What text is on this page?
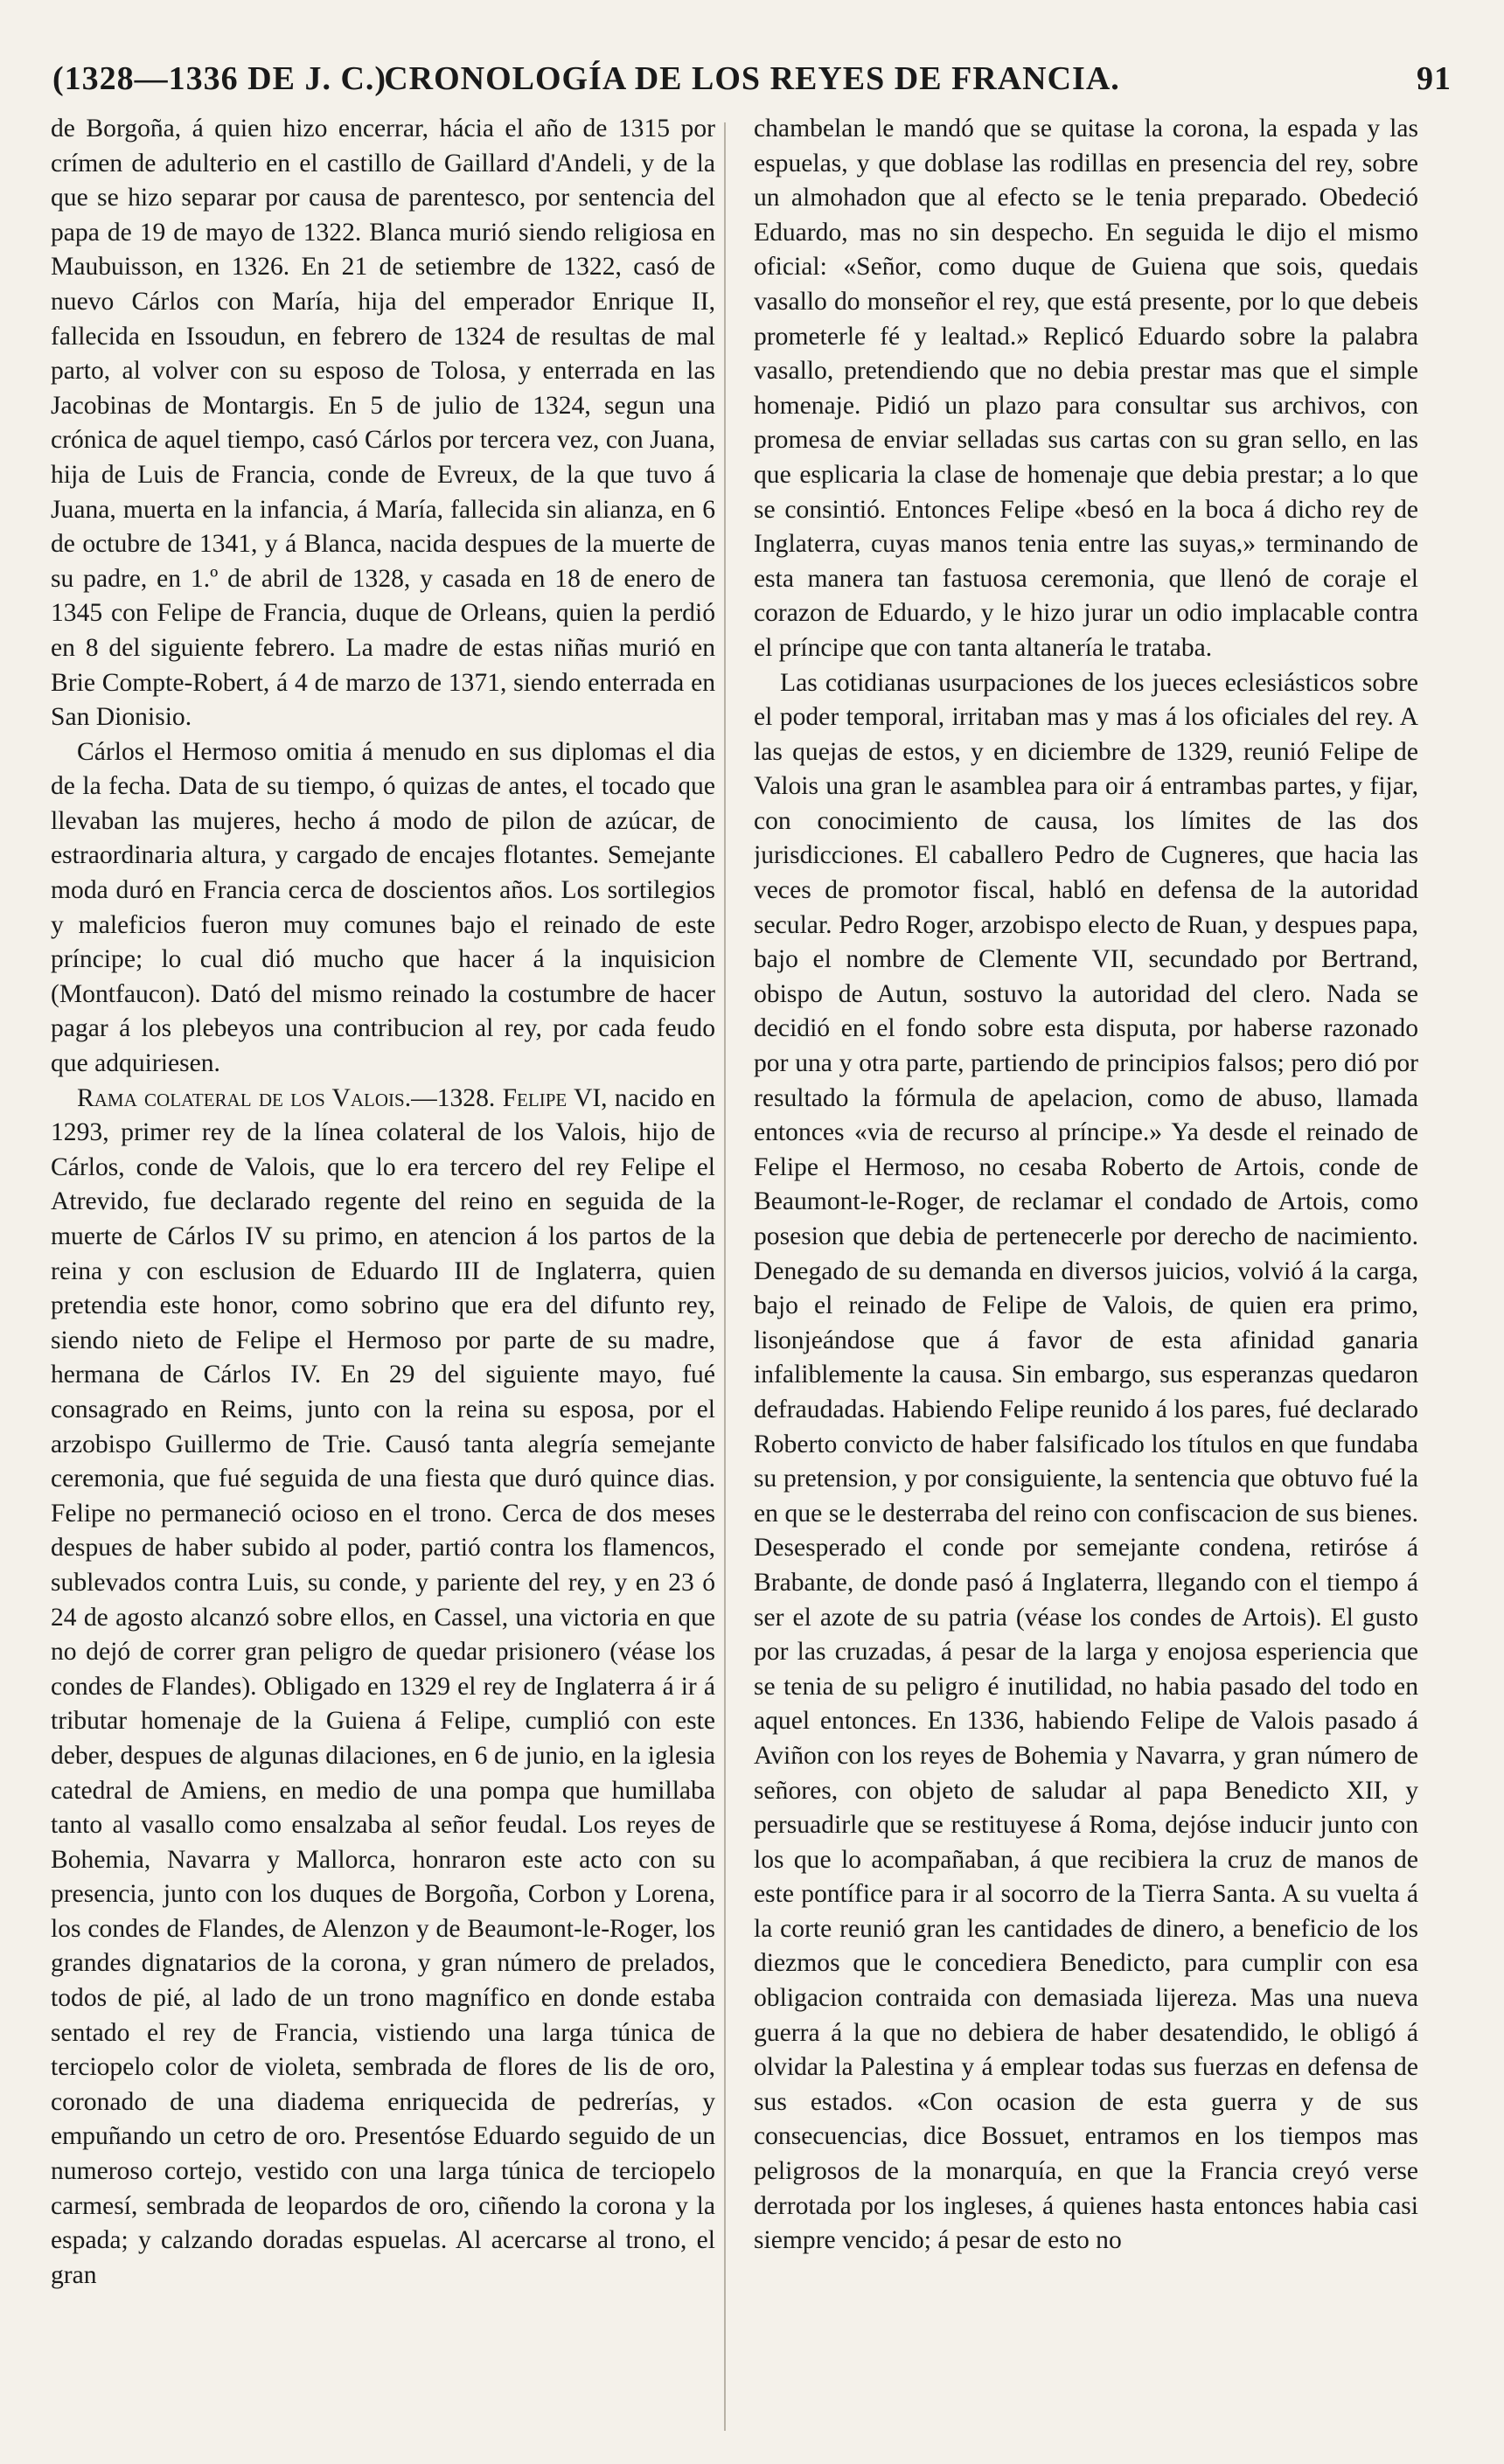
(1328—1336 DE J. C.)
CRONOLOGÍA DE LOS REYES DE FRANCIA.	91

de Borgoña, á quien hizo encerrar, hácia el año de 1315 por crímen de adulterio en el castillo de Gaillard d'Andeli, y de la que se hizo separar por causa de parentesco, por sentencia del papa de 19 de mayo de 1322. Blanca murió siendo religiosa en Maubuisson, en 1326. En 21 de setiembre de 1322, casó de nuevo Cárlos con María, hija del emperador Enrique II, fallecida en Issoudun, en febrero de 1324 de resultas de mal parto, al volver con su esposo de Tolosa, y enterrada en las Jacobinas de Montargis. En 5 de julio de 1324, segun una crónica de aquel tiempo, casó Cárlos por tercera vez, con Juana, hija de Luis de Francia, conde de Evreux, de la que tuvo á Juana, muerta en la infancia, á María, fallecida sin alianza, en 6 de octubre de 1341, y á Blanca, nacida despues de la muerte de su padre, en 1.º de abril de 1328, y casada en 18 de enero de 1345 con Felipe de Francia, duque de Orleans, quien la perdió en 8 del siguiente febrero. La madre de estas niñas murió en Brie Compte-Robert, á 4 de marzo de 1371, siendo enterrada en San Dionisio.

Cárlos el Hermoso omitia á menudo en sus diplomas el dia de la fecha. Data de su tiempo, ó quizas de antes, el tocado que llevaban las mujeres, hecho á modo de pilon de azúcar, de estraordinaria altura, y cargado de encajes flotantes. Semejante moda duró en Francia cerca de doscientos años. Los sortilegios y maleficios fueron muy comunes bajo el reinado de este príncipe; lo cual dió mucho que hacer á la inquisicion (Montfaucon). Dató del mismo reinado la costumbre de hacer pagar á los plebeyos una contribucion al rey, por cada feudo que adquiriesen.

Rama colateral de los Valois.—1328. Felipe VI, nacido en 1293, primer rey de la línea colateral de los Valois, hijo de Cárlos, conde de Valois, que lo era tercero del rey Felipe el Atrevido, fue declarado regente del reino en seguida de la muerte de Cárlos IV su primo, en atencion á los partos de la reina y con esclusion de Eduardo III de Inglaterra, quien pretendia este honor, como sobrino que era del difunto rey, siendo nieto de Felipe el Hermoso por parte de su madre, hermana de Cárlos IV. En 29 del siguiente mayo, fué consagrado en Reims, junto con la reina su esposa, por el arzobispo Guillermo de Trie. Causó tanta alegría semejante ceremonia, que fué seguida de una fiesta que duró quince dias. Felipe no permaneció ocioso en el trono. Cerca de dos meses despues de haber subido al poder, partió contra los flamencos, sublevados contra Luis, su conde, y pariente del rey, y en 23 ó 24 de agosto alcanzó sobre ellos, en Cassel, una victoria en que no dejó de correr gran peligro de quedar prisionero (véase los condes de Flandes). Obligado en 1329 el rey de Inglaterra á ir á tributar homenaje de la Guiena á Felipe, cumplió con este deber, despues de algunas dilaciones, en 6 de junio, en la iglesia catedral de Amiens, en medio de una pompa que humillaba tanto al vasallo como ensalzaba al señor feudal. Los reyes de Bohemia, Navarra y Mallorca, honraron este acto con su presencia, junto con los duques de Borgoña, Corbon y Lorena, los condes de Flandes, de Alenzon y de Beaumont-le-Roger, los grandes dignatarios de la corona, y gran número de prelados, todos de pié, al lado de un trono magnífico en donde estaba sentado el rey de Francia, vistiendo una larga túnica de terciopelo color de violeta, sembrada de flores de lis de oro, coronado de una diadema enriquecida de pedrerías, y empuñando un cetro de oro. Presentóse Eduardo seguido de un numeroso cortejo, vestido con una larga túnica de terciopelo carmesí, sembrada de leopardos de oro, ciñendo la corona y la espada; y calzando doradas espuelas. Al acercarse al trono, el gran

chambelan le mandó que se quitase la corona, la espada y las espuelas, y que doblase las rodillas en presencia del rey, sobre un almohadon que al efecto se le tenia preparado. Obedeció Eduardo, mas no sin despecho. En seguida le dijo el mismo oficial: «Señor, como duque de Guiena que sois, quedais vasallo do monseñor el rey, que está presente, por lo que debeis prometerle fé y lealtad.» Replicó Eduardo sobre la palabra vasallo, pretendiendo que no debia prestar mas que el simple homenaje. Pidió un plazo para consultar sus archivos, con promesa de enviar selladas sus cartas con su gran sello, en las que esplicaria la clase de homenaje que debia prestar; a lo que se consintió. Entonces Felipe «besó en la boca á dicho rey de Inglaterra, cuyas manos tenia entre las suyas,» terminando de esta manera tan fastuosa ceremonia, que llenó de coraje el corazon de Eduardo, y le hizo jurar un odio implacable contra el príncipe que con tanta altanería le trataba.

Las cotidianas usurpaciones de los jueces eclesiásticos sobre el poder temporal, irritaban mas y mas á los oficiales del rey. A las quejas de estos, y en diciembre de 1329, reunió Felipe de Valois una gran le asamblea para oir á entrambas partes, y fijar, con conocimiento de causa, los límites de las dos jurisdicciones. El caballero Pedro de Cugneres, que hacia las veces de promotor fiscal, habló en defensa de la autoridad secular. Pedro Roger, arzobispo electo de Ruan, y despues papa, bajo el nombre de Clemente VII, secundado por Bertrand, obispo de Autun, sostuvo la autoridad del clero. Nada se decidió en el fondo sobre esta disputa, por haberse razonado por una y otra parte, partiendo de principios falsos; pero dió por resultado la fórmula de apelacion, como de abuso, llamada entonces «via de recurso al príncipe.» Ya desde el reinado de Felipe el Hermoso, no cesaba Roberto de Artois, conde de Beaumont-le-Roger, de reclamar el condado de Artois, como posesion que debia de pertenecerle por derecho de nacimiento. Denegado de su demanda en diversos juicios, volvió á la carga, bajo el reinado de Felipe de Valois, de quien era primo, lisonjeándose que á favor de esta afinidad ganaria infaliblemente la causa. Sin embargo, sus esperanzas quedaron defraudadas. Habiendo Felipe reunido á los pares, fué declarado Roberto convicto de haber falsificado los títulos en que fundaba su pretension, y por consiguiente, la sentencia que obtuvo fué la en que se le desterraba del reino con confiscacion de sus bienes. Desesperado el conde por semejante condena, retiróse á Brabante, de donde pasó á Inglaterra, llegando con el tiempo á ser el azote de su patria (véase los condes de Artois). El gusto por las cruzadas, á pesar de la larga y enojosa esperiencia que se tenia de su peligro é inutilidad, no habia pasado del todo en aquel entonces. En 1336, habiendo Felipe de Valois pasado á Aviñon con los reyes de Bohemia y Navarra, y gran número de señores, con objeto de saludar al papa Benedicto XII, y persuadirle que se restituyese á Roma, dejóse inducir junto con los que lo acompañaban, á que recibiera la cruz de manos de este pontífice para ir al socorro de la Tierra Santa. A su vuelta á la corte reunió gran les cantidades de dinero, a beneficio de los diezmos que le concediera Benedicto, para cumplir con esa obligacion contraida con demasiada lijereza. Mas una nueva guerra á la que no debiera de haber desatendido, le obligó á olvidar la Palestina y á emplear todas sus fuerzas en defensa de sus estados. «Con ocasion de esta guerra y de sus consecuencias, dice Bossuet, entramos en los tiempos mas peligrosos de la monarquía, en que la Francia creyó verse derrotada por los ingleses, á quienes hasta entonces habia casi siempre vencido; á pesar de esto no
